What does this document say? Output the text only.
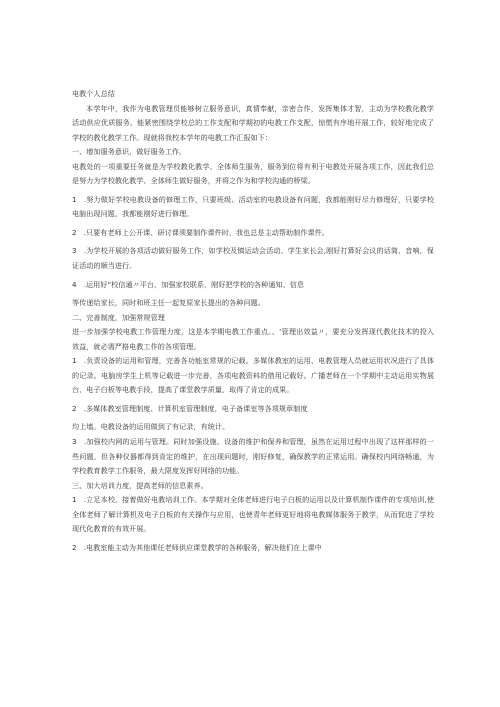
电教个人总结

本学年中，我作为电教管理员能够树立服务意识，真情奉献，亲密合作，发挥集体才智，主动为学校教化教学活动供应优质服务。能紧密围绕学校总的工作支配和学期初的电教工作支配，惊慌有序地开展工作，较好地完成了学校的教化教学工作。现就将我校本学年的电教工作汇报如下：

一、增加服务意识，做好服务工作。

电教处的一项重要任务就是为学校教化教学、全体师生服务，服务到位将有利于电教处开展各项工作，因此我们总是努力为学校教化教学、全体师生做好服务，并将之作为和学校沟通的桥梁。

1　.努力做好学校电教设备的修理工作，只要班级、活动室的电教设备有问题，我都能刚好尽力修理好，只要学校电脑出现问题，我都能刚好进行修理。

2　.只要有老师上公开课、研讨课须要制作课件时，我也总是主动帮助制作课件。

3　.为学校开展的各项活动做好服务工作，如学校及镇运动会活动、学生家长会,刚好打算好会议的话筒、音响，保证活动的顺当进行。

4　.运用好“校信通〃平台，加强家校联系，刚好把学校的各种通知、信息

等传递给家长，同时和班主任一起复原家长提出的各种问题。

二、完善制度，加强常规管理

进一步加强学校电教工作管理力度，这是本学期电教工作重点。、‘管理出效益〃，要充分发挥现代教化技术的投入效益，就必需严格电教工作的各项管理。

1　.负责设备的运用和管理，完善各功能室常规的记载。多媒体教室的运用、电教管理人员就运用状况进行了具体的记录。电脑房学生上机等记载进一步完善，各项电教资料的借用记载好。广播老师在一个学期中主动运用实物展台、电子白板等电教手段，提高了课堂教学质量，取得了肯定的成果。

2　.多媒体教室管理制度、计算机室管理制度，电子备课室等各项规章制度

均上墙。电教设备的运用做到了有记录，有统计。

3　.加强校内网的运用与管理。同时加强设施、设备的维护和保养和管理，虽然在运用过程中出现了这样那样的一些问题，但各种仪器都得到肯定的维护，在出现问题时，刚好修复，确保教学的正常运用。确保校内网络畅通，为学校教育教学工作服务，最大限度发挥好网络的功能。

三、加大培训力度，提高老师的信息素养。

1　.立足本校，接着做好电教培训工作。本学期对全体老师进行电子白板的运用以及计算机制作课件的专项培训,使全体老师了解计算机及电子白板的有关操作与应用，也使青年老师更好地将电教媒体服务于教学，从而促进了学校现代化教育的有效开展。

2　.电教室能主动为其他课任老师供应课堂教学的各种服务，解决他们在上课中
